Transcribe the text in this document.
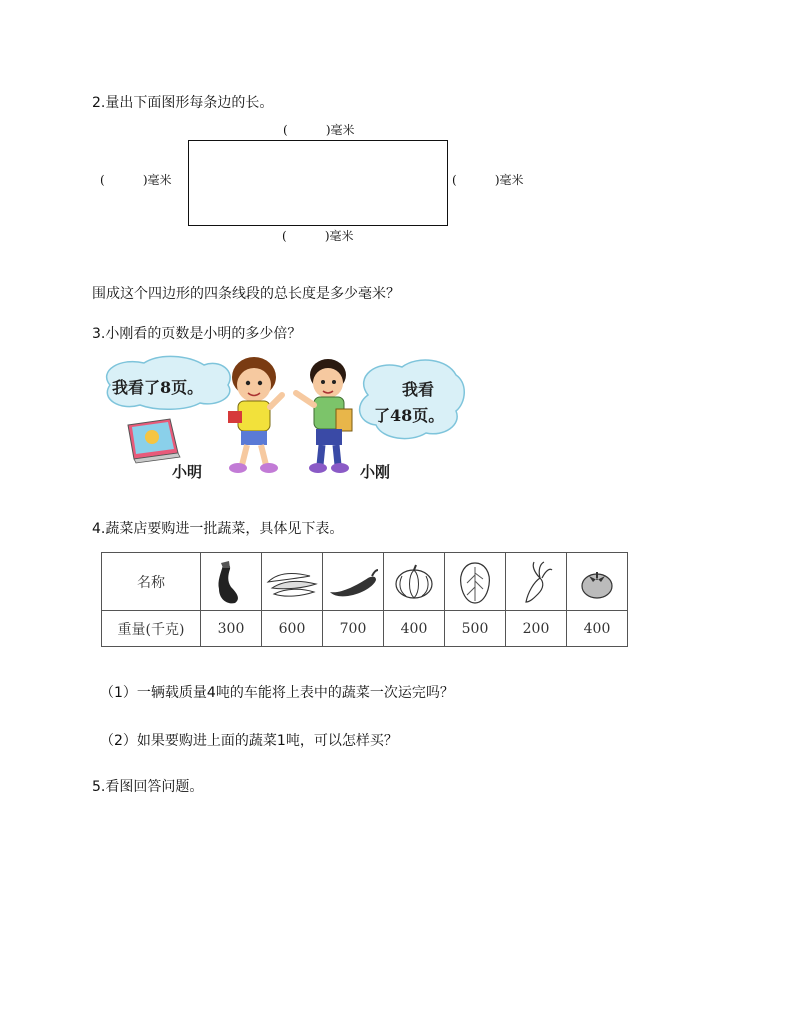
2.量出下面图形每条边的长。
(          )毫米
(          )毫米	(          )毫米
(          )毫米
围成这个四边形的四条线段的总长度是多少毫米？
3.小刚看的页数是小明的多少倍？
我看了8页。	我看
了48页。
小明	小刚
4.蔬菜店要购进一批蔬菜，具体见下表。
名称	

重量(千克)	300	600	700	400	500	200	400
（1）一辆载质量4吨的车能将上表中的蔬菜一次运完吗？
（2）如果要购进上面的蔬菜1吨，可以怎样买？
5.看图回答问题。
